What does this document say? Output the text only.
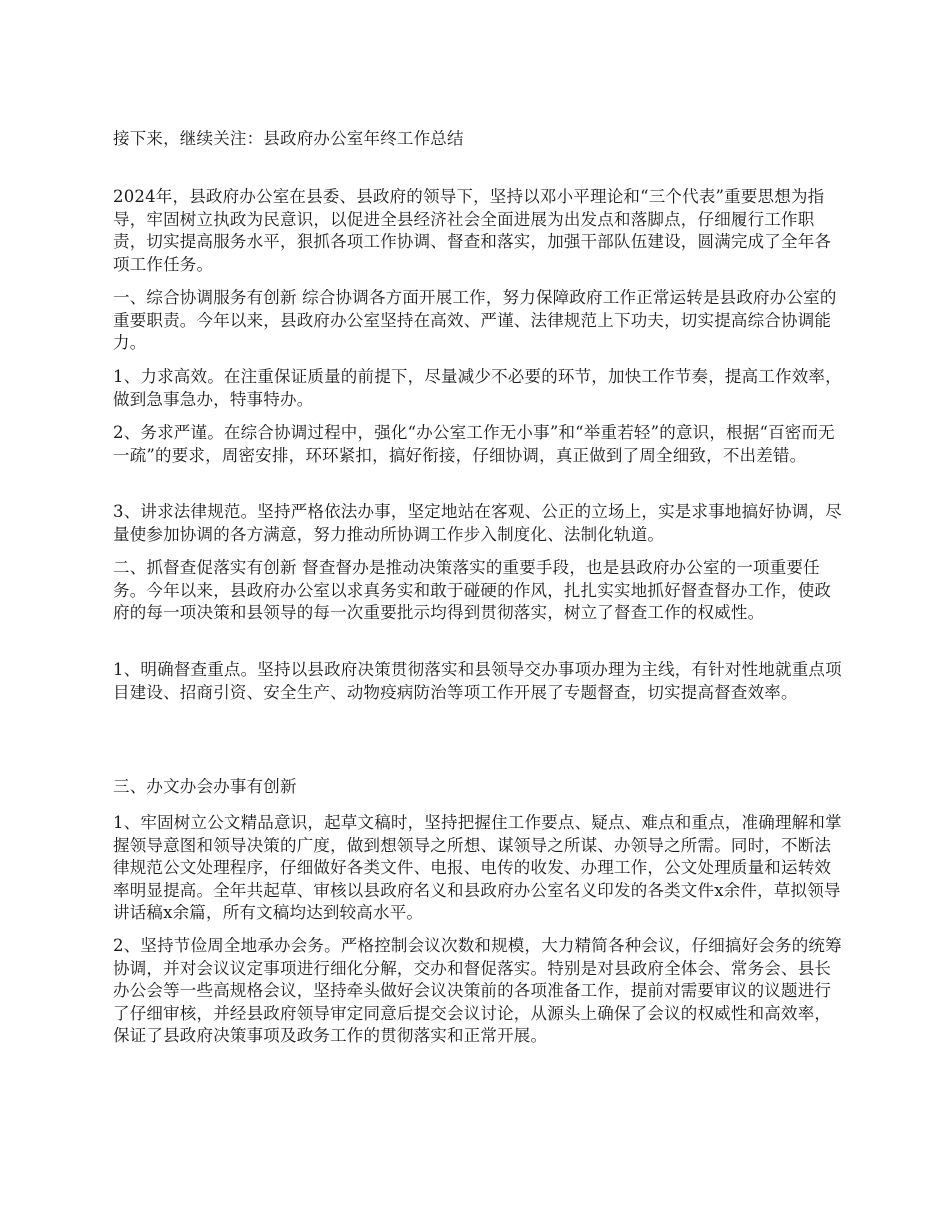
接下来，继续关注：县政府办公室年终工作总结

2024年，县政府办公室在县委、县政府的领导下，坚持以邓小平理论和“三个代表”重要思想为指导，牢固树立执政为民意识，以促进全县经济社会全面进展为出发点和落脚点，仔细履行工作职责，切实提高服务水平，狠抓各项工作协调、督查和落实，加强干部队伍建设，圆满完成了全年各项工作任务。

一、综合协调服务有创新 综合协调各方面开展工作，努力保障政府工作正常运转是县政府办公室的重要职责。今年以来，县政府办公室坚持在高效、严谨、法律规范上下功夫，切实提高综合协调能力。

1、力求高效。在注重保证质量的前提下，尽量减少不必要的环节，加快工作节奏，提高工作效率，做到急事急办，特事特办。

2、务求严谨。在综合协调过程中，强化“办公室工作无小事”和“举重若轻”的意识，根据“百密而无一疏”的要求，周密安排，环环紧扣，搞好衔接，仔细协调，真正做到了周全细致，不出差错。

3、讲求法律规范。坚持严格依法办事，坚定地站在客观、公正的立场上，实是求事地搞好协调，尽量使参加协调的各方满意，努力推动所协调工作步入制度化、法制化轨道。

二、抓督查促落实有创新 督查督办是推动决策落实的重要手段，也是县政府办公室的一项重要任务。今年以来，县政府办公室以求真务实和敢于碰硬的作风，扎扎实实地抓好督查督办工作，使政府的每一项决策和县领导的每一次重要批示均得到贯彻落实，树立了督查工作的权威性。

1、明确督查重点。坚持以县政府决策贯彻落实和县领导交办事项办理为主线，有针对性地就重点项目建设、招商引资、安全生产、动物疫病防治等项工作开展了专题督查，切实提高督查效率。

三、办文办会办事有创新

1、牢固树立公文精品意识，起草文稿时，坚持把握住工作要点、疑点、难点和重点，准确理解和掌握领导意图和领导决策的广度，做到想领导之所想、谋领导之所谋、办领导之所需。同时，不断法律规范公文处理程序，仔细做好各类文件、电报、电传的收发、办理工作，公文处理质量和运转效率明显提高。全年共起草、审核以县政府名义和县政府办公室名义印发的各类文件x余件，草拟领导讲话稿x余篇，所有文稿均达到较高水平。

2、坚持节俭周全地承办会务。严格控制会议次数和规模，大力精简各种会议，仔细搞好会务的统筹协调，并对会议议定事项进行细化分解，交办和督促落实。特别是对县政府全体会、常务会、县长办公会等一些高规格会议，坚持牵头做好会议决策前的各项准备工作，提前对需要审议的议题进行了仔细审核，并经县政府领导审定同意后提交会议讨论，从源头上确保了会议的权威性和高效率，保证了县政府决策事项及政务工作的贯彻落实和正常开展。
